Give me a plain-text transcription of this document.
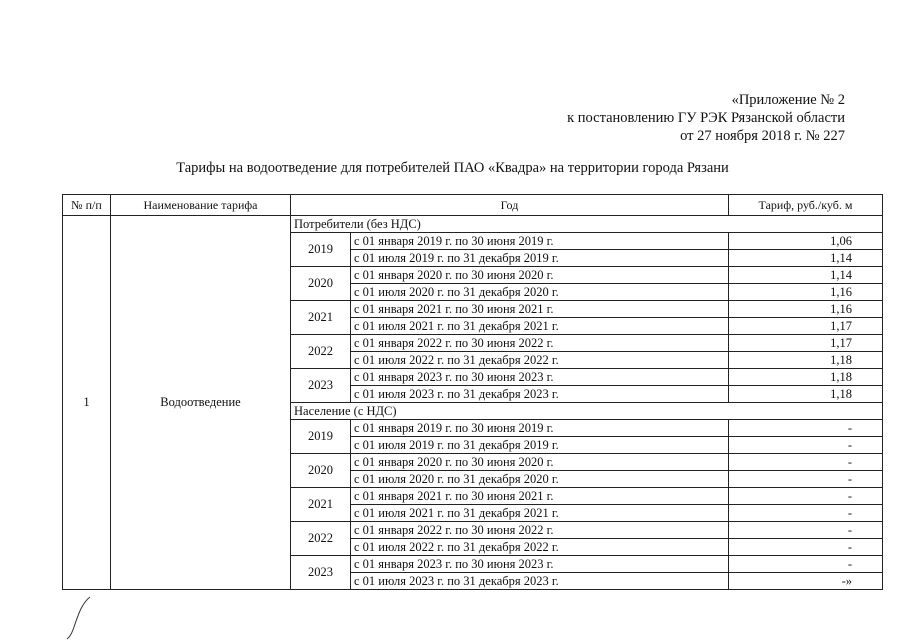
«Приложение № 2
к постановлению ГУ РЭК Рязанской области
от 27 ноября 2018 г. № 227
Тарифы на водоотведение для потребителей ПАО «Квадра» на территории города Рязани
№ п/п	Наименование тарифа	Год		Тариф, руб./куб. м
1	Водоотведение	Потребители (без НДС)		
		2019	с 01 января 2019 г. по 30 июня 2019 г.	1,06
			с 01 июля 2019 г. по 31 декабря 2019 г.	1,14
		2020	с 01 января 2020 г. по 30 июня 2020 г.	1,14
			с 01 июля 2020 г. по 31 декабря 2020 г.	1,16
		2021	с 01 января 2021 г. по 30 июня 2021 г.	1,16
			с 01 июля 2021 г. по 31 декабря 2021 г.	1,17
		2022	с 01 января 2022 г. по 30 июня 2022 г.	1,17
			с 01 июля 2022 г. по 31 декабря 2022 г.	1,18
		2023	с 01 января 2023 г. по 30 июня 2023 г.	1,18
			с 01 июля 2023 г. по 31 декабря 2023 г.	1,18
		Население (с НДС)		
		2019	с 01 января 2019 г. по 30 июня 2019 г.	-
			с 01 июля 2019 г. по 31 декабря 2019 г.	-
		2020	с 01 января 2020 г. по 30 июня 2020 г.	-
			с 01 июля 2020 г. по 31 декабря 2020 г.	-
		2021	с 01 января 2021 г. по 30 июня 2021 г.	-
			с 01 июля 2021 г. по 31 декабря 2021 г.	-
		2022	с 01 января 2022 г. по 30 июня 2022 г.	-
			с 01 июля 2022 г. по 31 декабря 2022 г.	-
		2023	с 01 января 2023 г. по 30 июня 2023 г.	-
			с 01 июля 2023 г. по 31 декабря 2023 г.	-»
